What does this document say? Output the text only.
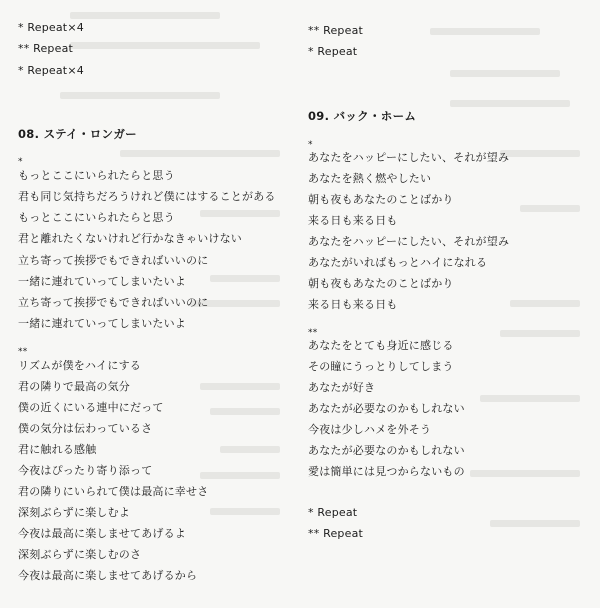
* Repeat×4
** Repeat
* Repeat×4
08. ステイ・ロンガー
*
もっとここにいられたらと思う
君も同じ気持ちだろうけれど僕にはすることがある
もっとここにいられたらと思う
君と離れたくないけれど行かなきゃいけない
立ち寄って挨拶でもできればいいのに
一緒に連れていってしまいたいよ
立ち寄って挨拶でもできればいいのに
一緒に連れていってしまいたいよ
**
リズムが僕をハイにする
君の隣りで最高の気分
僕の近くにいる連中にだって
僕の気分は伝わっているさ
君に触れる感触
今夜はぴったり寄り添って
君の隣りにいられて僕は最高に幸せさ
深刻ぶらずに楽しむよ
今夜は最高に楽しませてあげるよ
深刻ぶらずに楽しむのさ
今夜は最高に楽しませてあげるから
** Repeat
* Repeat
09. バック・ホーム
*
あなたをハッピーにしたい、それが望み
あなたを熱く燃やしたい
朝も夜もあなたのことばかり
来る日も来る日も
あなたをハッピーにしたい、それが望み
あなたがいればもっとハイになれる
朝も夜もあなたのことばかり
来る日も来る日も
**
あなたをとても身近に感じる
その瞳にうっとりしてしまう
あなたが好き
あなたが必要なのかもしれない
今夜は少しハメを外そう
あなたが必要なのかもしれない
愛は簡単には見つからないもの
* Repeat
** Repeat
